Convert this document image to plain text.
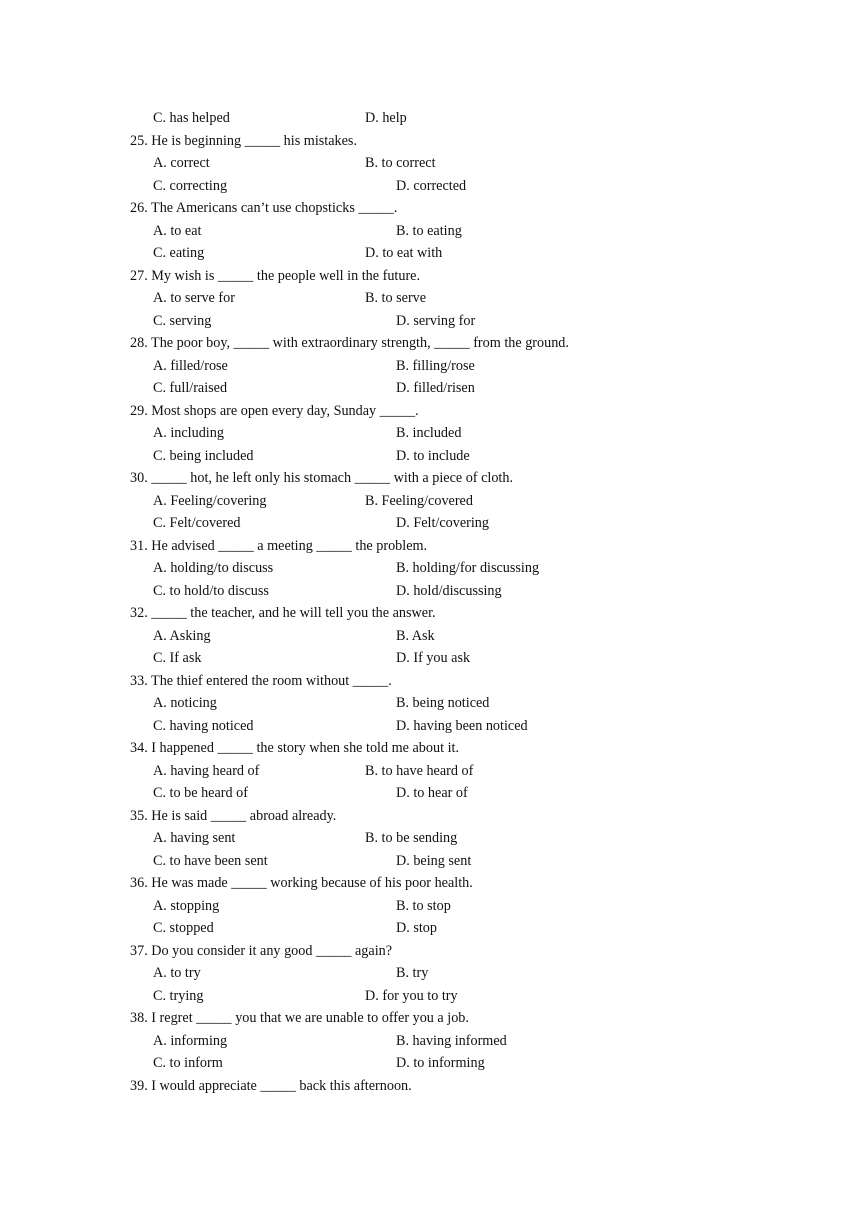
C. has helped	D. help
25. He is beginning _____ his mistakes.
A. correct	B. to correct
C. correcting	D. corrected
26. The Americans can’t use chopsticks _____.
A. to eat	B. to eating
C. eating	D. to eat with
27. My wish is _____ the people well in the future.
A. to serve for	B. to serve
C. serving	D. serving for
28. The poor boy, _____ with extraordinary strength, _____ from the ground.
A. filled/rose	B. filling/rose
C. full/raised	D. filled/risen
29. Most shops are open every day, Sunday _____.
A. including	B. included
C. being included	D. to include
30. _____ hot, he left only his stomach _____ with a piece of cloth.
A. Feeling/covering	B. Feeling/covered
C. Felt/covered	D. Felt/covering
31. He advised _____ a meeting _____ the problem.
A. holding/to discuss	B. holding/for discussing
C. to hold/to discuss	D. hold/discussing
32. _____ the teacher, and he will tell you the answer.
A. Asking	B. Ask
C. If ask	D. If you ask
33. The thief entered the room without _____.
A. noticing	B. being noticed
C. having noticed	D. having been noticed
34. I happened _____ the story when she told me about it.
A. having heard of	B. to have heard of
C. to be heard of	D. to hear of
35. He is said _____ abroad already.
A. having sent	B. to be sending
C. to have been sent	D. being sent
36. He was made _____ working because of his poor health.
A. stopping	B. to stop
C. stopped	D. stop
37. Do you consider it any good _____ again?
A. to try	B. try
C. trying	D. for you to try
38. I regret _____ you that we are unable to offer you a job.
A. informing	B. having informed
C. to inform	D. to informing
39. I would appreciate _____ back this afternoon.
